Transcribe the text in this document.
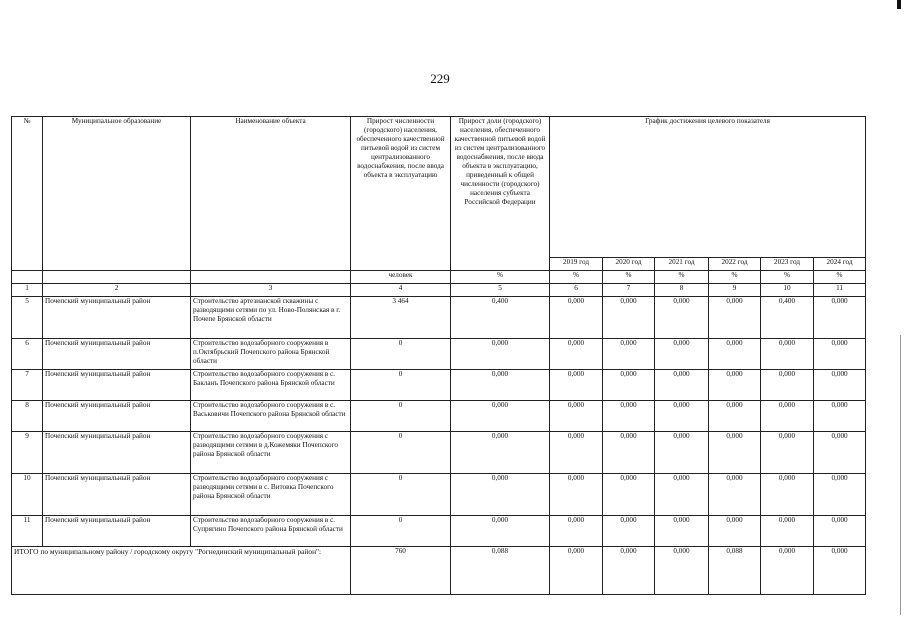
229
№	Муниципальное образование	Наименование объекта	Прирост численности (городского) населения, обеспеченного качественной питьевой водой из систем централизованного водоснабжения, после ввода объекта в эксплуатацию	Прирост доли (городского) населения, обеспеченного качественной питьевой водой из систем централизованного водоснабжения, после ввода объекта в эксплуатацию, приведенный к общей численности (городского) населения субъекта Российской Федерации	График достижения целевого показателя					
					2019 год	2020 год	2021 год	2022 год	2023 год	2024 год
			человек	%	%	%	%	%	%	%
1	2	3	4	5	6	7	8	9	10	11
5	Почепский муниципальный район	Строительство артезианской скважины с разводящими сетями по ул. Ново-Полянская в г. Почепе Брянской области	3 464	0,400	0,000	0,000	0,000	0,000	0,400	0,000
6	Почепский муниципальный район	Строительство водозаборного сооружения в п.Октябрьский Почепского района Брянской области	0	0,000	0,000	0,000	0,000	0,000	0,000	0,000
7	Почепский муниципальный район	Строительство водозаборного сооружения в с. Бакланъ Почепского района Брянской области	0	0,000	0,000	0,000	0,000	0,000	0,000	0,000
8	Почепский муниципальный район	Строительство водозаборного сооружения в с. Васьковичи Почепского района Брянской области	0	0,000	0,000	0,000	0,000	0,000	0,000	0,000
9	Почепский муниципальный район	Строительство водозаборного сооружения с разводящими сетями в д.Кожемяки Почепского района Брянской области	0	0,000	0,000	0,000	0,000	0,000	0,000	0,000
10	Почепский муниципальный район	Строительство водозаборного сооружения с разводящими сетями в с. Витовка Почепского района Брянской области	0	0,000	0,000	0,000	0,000	0,000	0,000	0,000
11	Почепский муниципальный район	Строительство водозаборного сооружения в с. Супрягино Почепского района Брянской области	0	0,000	0,000	0,000	0,000	0,000	0,000	0,000
ИТОГО по муниципальному району / городскому округу "Рогнединский муниципальный район":			760	0,088	0,000	0,000	0,000	0,088	0,000	0,000
